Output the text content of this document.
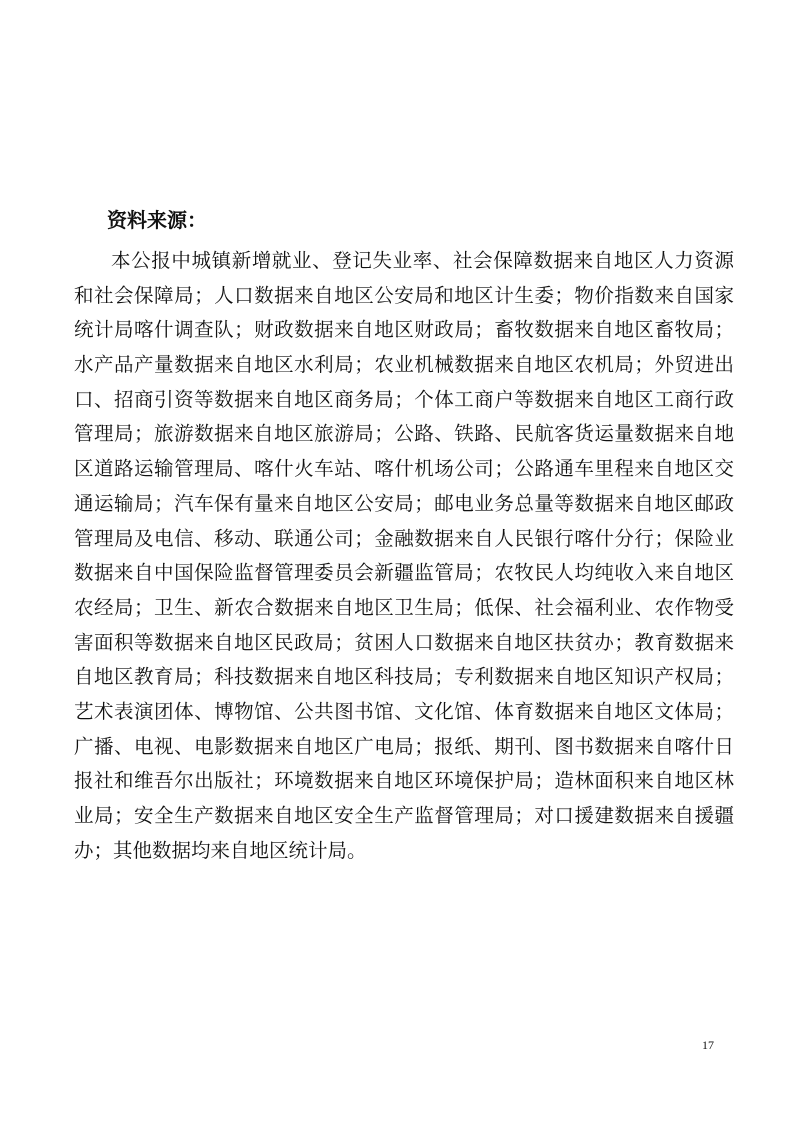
资料来源：
本公报中城镇新增就业、登记失业率、社会保障数据来自地区人力资源
和社会保障局；人口数据来自地区公安局和地区计生委；物价指数来自国家
统计局喀什调查队；财政数据来自地区财政局；畜牧数据来自地区畜牧局；
水产品产量数据来自地区水利局；农业机械数据来自地区农机局；外贸进出
口、招商引资等数据来自地区商务局；个体工商户等数据来自地区工商行政
管理局；旅游数据来自地区旅游局；公路、铁路、民航客货运量数据来自地
区道路运输管理局、喀什火车站、喀什机场公司；公路通车里程来自地区交
通运输局；汽车保有量来自地区公安局；邮电业务总量等数据来自地区邮政
管理局及电信、移动、联通公司；金融数据来自人民银行喀什分行；保险业
数据来自中国保险监督管理委员会新疆监管局；农牧民人均纯收入来自地区
农经局；卫生、新农合数据来自地区卫生局；低保、社会福利业、农作物受
害面积等数据来自地区民政局；贫困人口数据来自地区扶贫办；教育数据来
自地区教育局；科技数据来自地区科技局；专利数据来自地区知识产权局；
艺术表演团体、博物馆、公共图书馆、文化馆、体育数据来自地区文体局；
广播、电视、电影数据来自地区广电局；报纸、期刊、图书数据来自喀什日
报社和维吾尔出版社；环境数据来自地区环境保护局；造林面积来自地区林
业局；安全生产数据来自地区安全生产监督管理局；对口援建数据来自援疆
办；其他数据均来自地区统计局。
17
